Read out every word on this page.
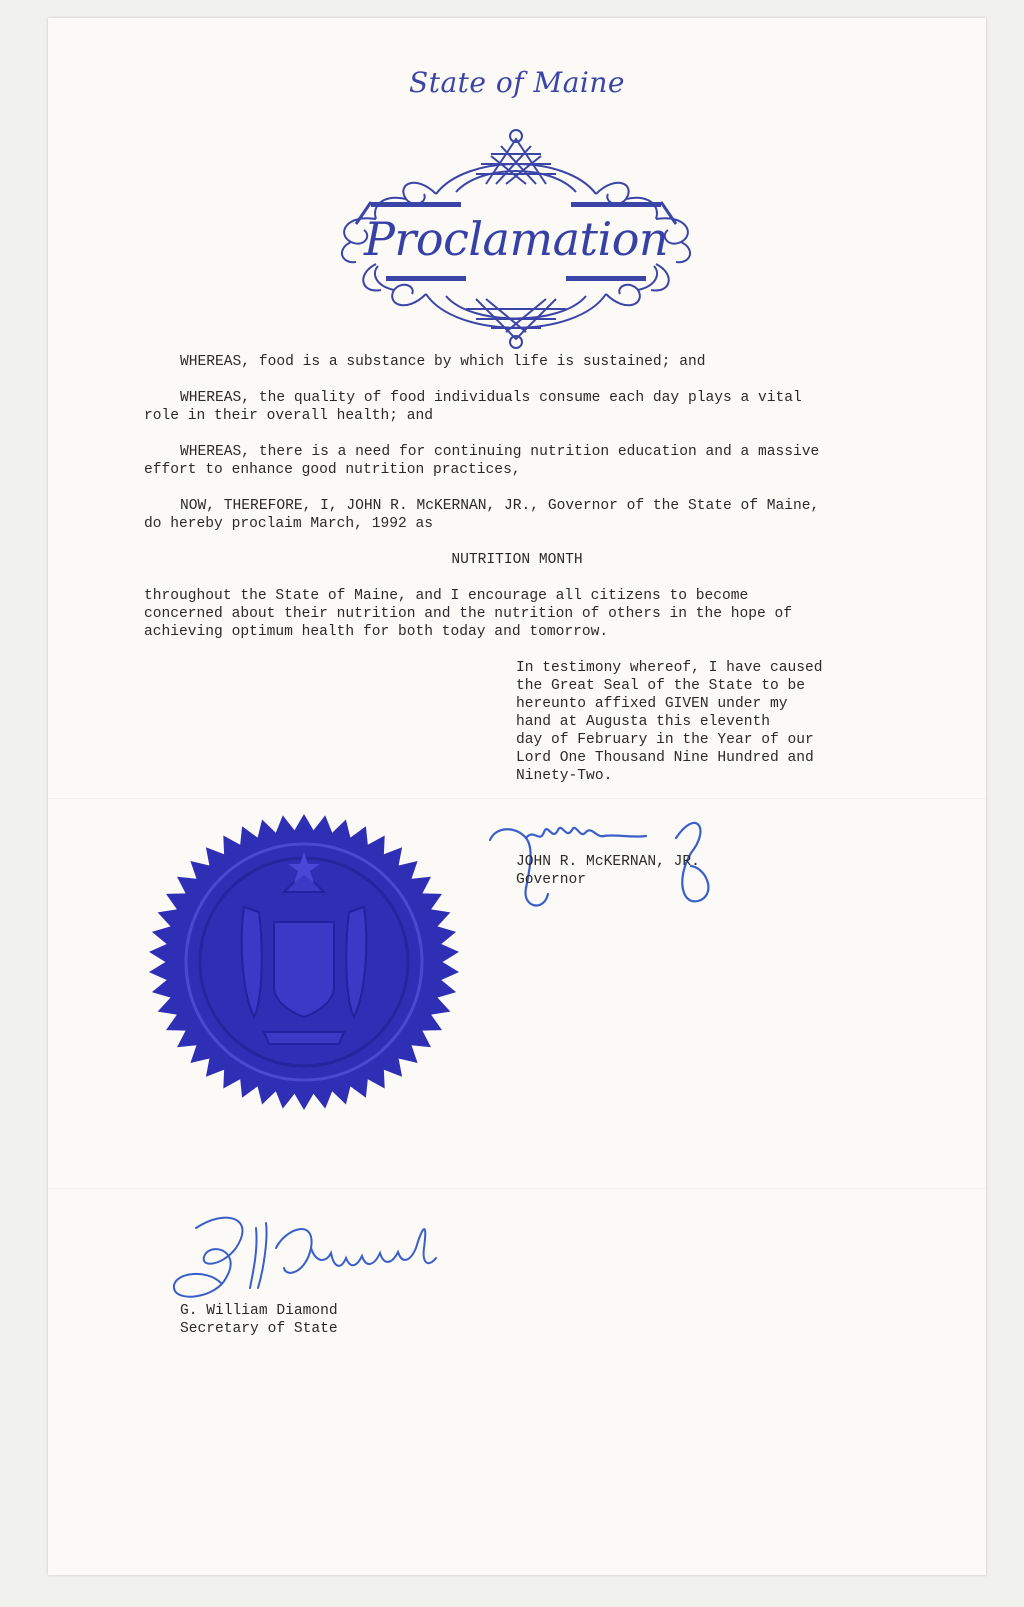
State of Maine
Proclamation

WHEREAS, food is a substance by which life is sustained; and

WHEREAS, the quality of food individuals consume each day plays a vital

role in their overall health; and

WHEREAS, there is a need for continuing nutrition education and a massive

effort to enhance good nutrition practices,

NOW, THEREFORE, I, JOHN R. McKERNAN, JR., Governor of the State of Maine,

do hereby proclaim March, 1992 as

NUTRITION MONTH

throughout the State of Maine, and I encourage all citizens to become

concerned about their nutrition and the nutrition of others in the hope of

achieving optimum health for both today and tomorrow.

In testimony whereof, I have caused

the Great Seal of the State to be

hereunto affixed GIVEN under my

hand at Augusta this eleventh

day of February in the Year of our

Lord One Thousand Nine Hundred and

Ninety-Two.

JOHN R. McKERNAN, JR.

Governor

G. William Diamond

Secretary of State
